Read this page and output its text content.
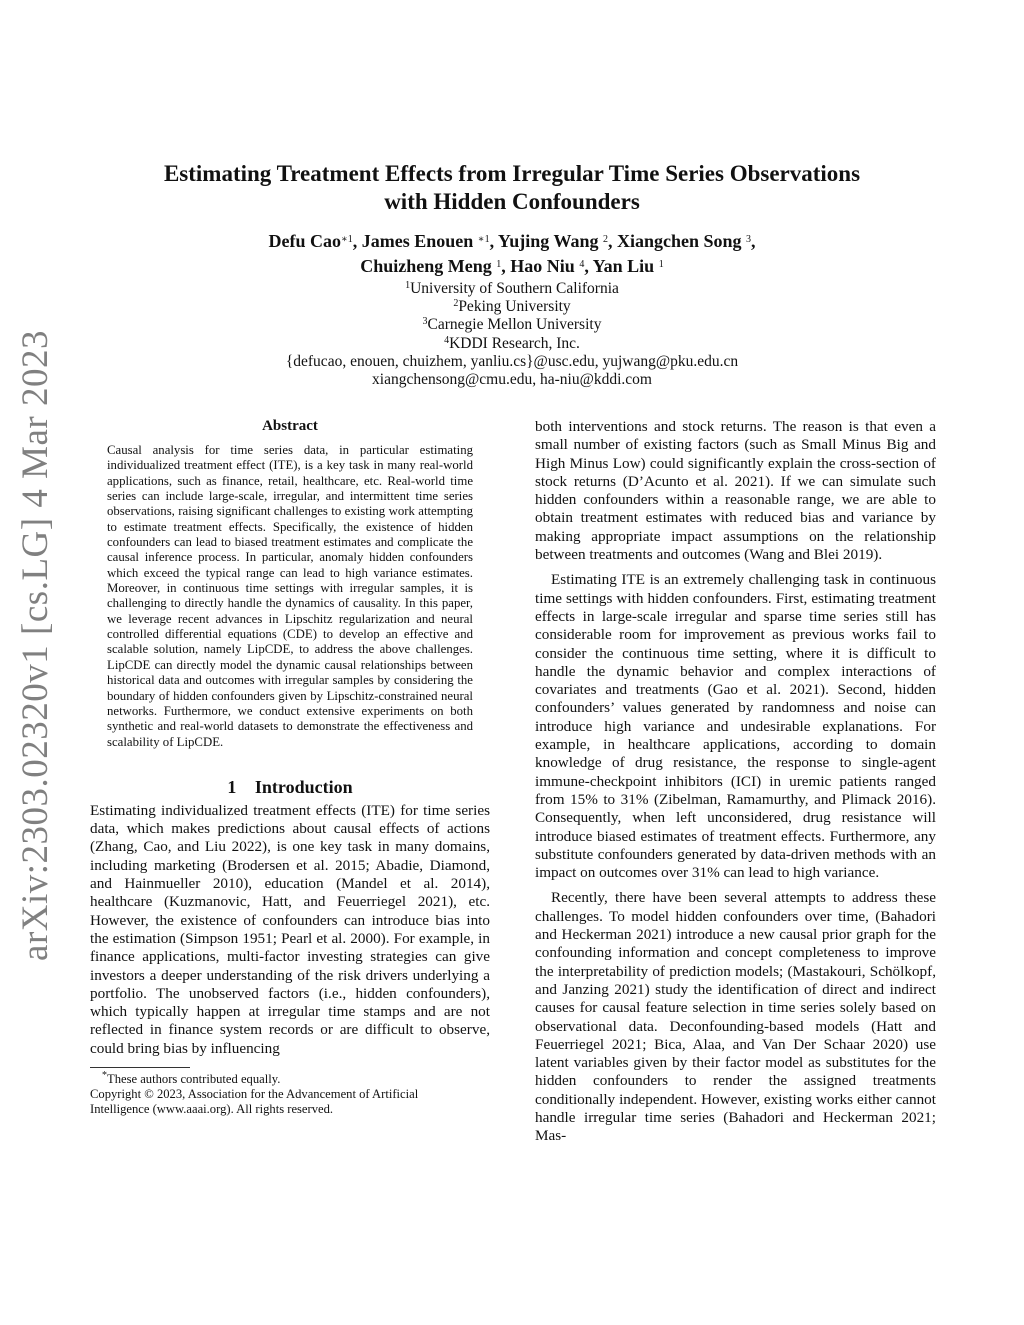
arXiv:2303.02320v1 [cs.LG] 4 Mar 2023
Estimating Treatment Effects from Irregular Time Series Observations
with Hidden Confounders
Defu Cao$^{∗1}$, James Enouen $^{∗1}$, Yujing Wang $^2$, Xiangchen Song $^3$,
Chuizheng Meng $^1$, Hao Niu $^4$, Yan Liu $^1$
$^1$University of Southern California
$^2$Peking University
$^3$Carnegie Mellon University
$^4$KDDI Research, Inc.
{defucao, enouen, chuizhem, yanliu.cs}@usc.edu, yujwang@pku.edu.cn
xiangchensong@cmu.edu, ha-niu@kddi.com
Abstract

Causal analysis for time series data, in particular estimating individualized treatment effect (ITE), is a key task in many real-world applications, such as finance, retail, healthcare, etc. Real-world time series can include large-scale, irregular, and intermittent time series observations, raising significant challenges to existing work attempting to estimate treatment effects. Specifically, the existence of hidden confounders can lead to biased treatment estimates and complicate the causal inference process. In particular, anomaly hidden confounders which exceed the typical range can lead to high variance estimates. Moreover, in continuous time settings with irregular samples, it is challenging to directly handle the dynamics of causality. In this paper, we leverage recent advances in Lipschitz regularization and neural controlled differential equations (CDE) to develop an effective and scalable solution, namely LipCDE, to address the above challenges. LipCDE can directly model the dynamic causal relationships between historical data and outcomes with irregular samples by considering the boundary of hidden confounders given by Lipschitz-constrained neural networks. Furthermore, we conduct extensive experiments on both synthetic and real-world datasets to demonstrate the effectiveness and scalability of LipCDE.

1 Introduction

Estimating individualized treatment effects (ITE) for time series data, which makes predictions about causal effects of actions (Zhang, Cao, and Liu 2022), is one key task in many domains, including marketing (Brodersen et al. 2015; Abadie, Diamond, and Hainmueller 2010), education (Mandel et al. 2014), healthcare (Kuzmanovic, Hatt, and Feuerriegel 2021), etc. However, the existence of confounders can introduce bias into the estimation (Simpson 1951; Pearl et al. 2000). For example, in finance applications, multi-factor investing strategies can give investors a deeper understanding of the risk drivers underlying a portfolio. The unobserved factors (i.e., hidden confounders), which typically happen at irregular time stamps and are not reflected in finance system records or are difficult to observe, could bring bias by influencing

*These authors contributed equally.
Copyright © 2023, Association for the Advancement of Artificial
Intelligence (www.aaai.org). All rights reserved.

both interventions and stock returns. The reason is that even a small number of existing factors (such as Small Minus Big and High Minus Low) could significantly explain the cross-section of stock returns (D’Acunto et al. 2021). If we can simulate such hidden confounders within a reasonable range, we are able to obtain treatment estimates with reduced bias and variance by making appropriate impact assumptions on the relationship between treatments and outcomes (Wang and Blei 2019).

Estimating ITE is an extremely challenging task in continuous time settings with hidden confounders. First, estimating treatment effects in large-scale irregular and sparse time series still has considerable room for improvement as previous works fail to consider the continuous time setting, where it is difficult to handle the dynamic behavior and complex interactions of covariates and treatments (Gao et al. 2021). Second, hidden confounders’ values generated by randomness and noise can introduce high variance and undesirable explanations. For example, in healthcare applications, according to domain knowledge of drug resistance, the response to single-agent immune-checkpoint inhibitors (ICI) in uremic patients ranged from 15% to 31% (Zibelman, Ramamurthy, and Plimack 2016). Consequently, when left unconsidered, drug resistance will introduce biased estimates of treatment effects. Furthermore, any substitute confounders generated by data-driven methods with an impact on outcomes over 31% can lead to high variance.

Recently, there have been several attempts to address these challenges. To model hidden confounders over time, (Bahadori and Heckerman 2021) introduce a new causal prior graph for the confounding information and concept completeness to improve the interpretability of prediction models; (Mastakouri, Schölkopf, and Janzing 2021) study the identification of direct and indirect causes for causal feature selection in time series solely based on observational data. Deconfounding-based models (Hatt and Feuerriegel 2021; Bica, Alaa, and Van Der Schaar 2020) use latent variables given by their factor model as substitutes for the hidden confounders to render the assigned treatments conditionally independent. However, existing works either cannot handle irregular time series (Bahadori and Heckerman 2021; Mas-
